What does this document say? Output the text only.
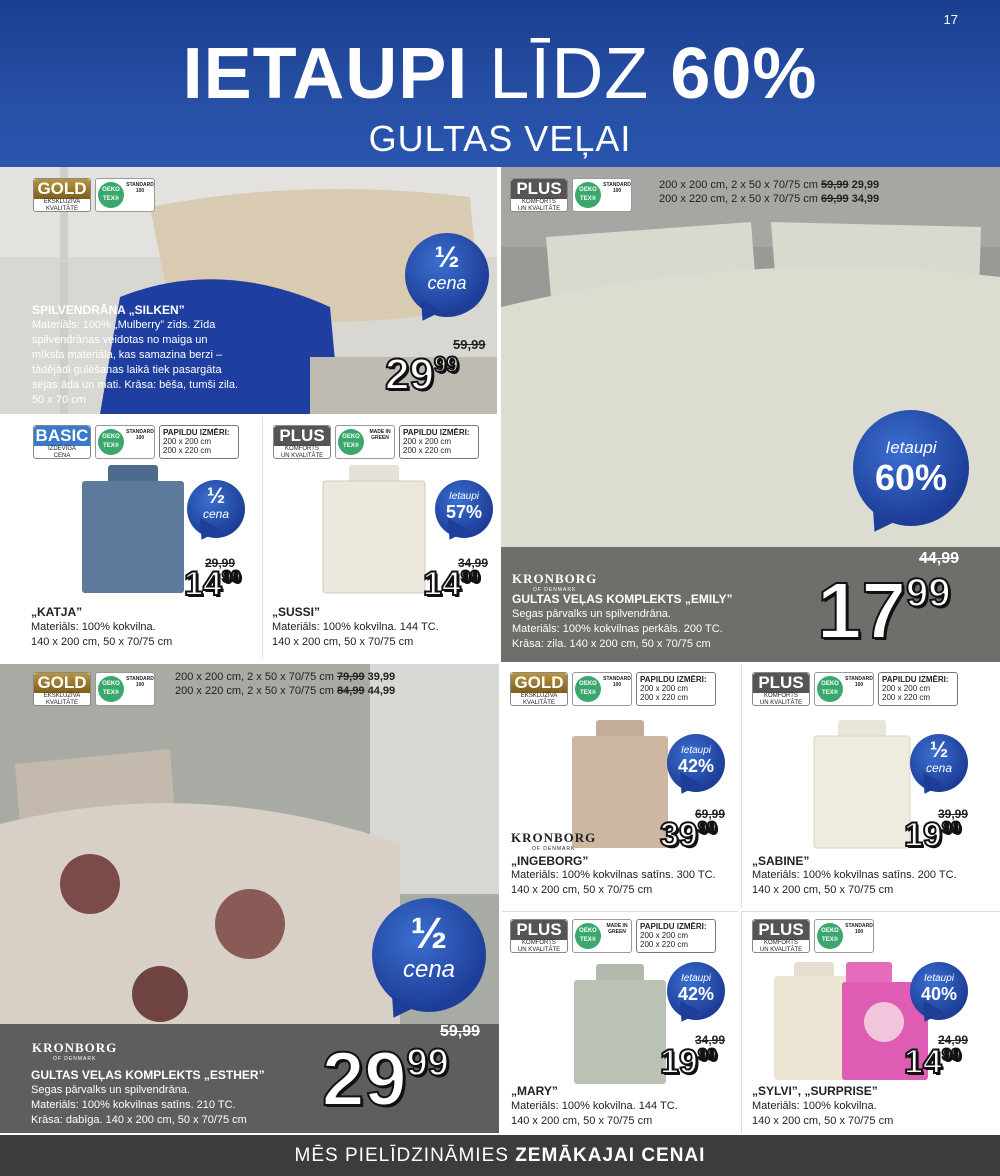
17
IETAUPI LĪDZ 60%
GULTAS VEĻAI
GOLD
EKSKLUZĪVA
KVALITĀTE
OEKO TEX®
STANDARD
100
½
cena
SPILVENDRĀNA „SILKEN”
Materiāls: 100% „Mulberry” zīds. Zīda
spilvendrānas veidotas no maiga un
mīksta materiāla, kas samazina berzi –
tādējādi gulēšanas laikā tiek pasargāta
sejas āda un mati. Krāsa: bēša, tumši zila.
50 x 70 cm
59,99
$29^{99}$
PLUS
KOMFORTS
UN KVALITĀTE
OEKO TEX®
STANDARD
100	200 x 200 cm, 2 x 50 x 70/75 cm 59,99 29,99
200 x 220 cm, 2 x 50 x 70/75 cm 69,99 34,99
Ietaupi
60%
KRONBORG
OF DENMARK
44,99
GULTAS VEĻAS KOMPLEKTS „EMILY”
Segas pārvalks un spilvendrāna.
Materiāls: 100% kokvilnas perkāls. 200 TC.
Krāsa: zila. 140 x 200 cm, 50 x 70/75 cm $17^{99}$
BASIC
IZDEVĪGA
CENA
OEKO TEX®
STANDARD
100
PAPILDU IZMĒRI:
200 x 200 cm
200 x 220 cm
½
cena
29,99
$14^{99}$
„KATJA”
Materiāls: 100% kokvilna.
140 x 200 cm, 50 x 70/75 cm
PLUS
KOMFORTS
UN KVALITĀTE
OEKO TEX®
MADE IN
GREEN
PAPILDU IZMĒRI:
200 x 200 cm
200 x 220 cm
Ietaupi
57%
34,99
$14^{99}$
„SUSSI”
Materiāls: 100% kokvilna. 144 TC.
140 x 200 cm, 50 x 70/75 cm
GOLD
EKSKLUZĪVA
KVALITĀTE
OEKO TEX®
STANDARD
100
200 x 200 cm, 2 x 50 x 70/75 cm 79,99 39,99
200 x 220 cm, 2 x 50 x 70/75 cm 84,99 44,99
½
cena
KRONBORG
OF DENMARK
59,99
GULTAS VEĻAS KOMPLEKTS „ESTHER”
Segas pārvalks un spilvendrāna.
Materiāls: 100% kokvilnas satīns. 210 TC.
Krāsa: dabīga. 140 x 200 cm, 50 x 70/75 cm $29^{99}$
GOLD
EKSKLUZĪVA
KVALITĀTE
OEKO TEX®
STANDARD
100
PAPILDU IZMĒRI:
200 x 200 cm
200 x 220 cm
Ietaupi
42%
KRONBORG
OF DENMARK
69,99
$39^{99}$
„INGEBORG”
Materiāls: 100% kokvilnas satīns. 300 TC.
140 x 200 cm, 50 x 70/75 cm
PLUS
KOMFORTS
UN KVALITĀTE
OEKO TEX®
STANDARD
100
PAPILDU IZMĒRI:
200 x 200 cm
200 x 220 cm
½
cena
39,99
$19^{99}$
„SABINE”
Materiāls: 100% kokvilnas satīns. 200 TC.
140 x 200 cm, 50 x 70/75 cm
PLUS
KOMFORTS
UN KVALITĀTE
OEKO TEX®
MADE IN
GREEN
PAPILDU IZMĒRI:
200 x 200 cm
200 x 220 cm
Ietaupi
42%
34,99
$19^{99}$
„MARY”
Materiāls: 100% kokvilna. 144 TC.
140 x 200 cm, 50 x 70/75 cm
PLUS
KOMFORTS
UN KVALITĀTE
OEKO TEX®
STANDARD
100
Ietaupi
40%
24,99
$14^{99}$
„SYLVI”, „SURPRISE”
Materiāls: 100% kokvilna.
140 x 200 cm, 50 x 70/75 cm
MĒS PIELĪDZINĀMIES ZEMĀKAJAI CENAI
